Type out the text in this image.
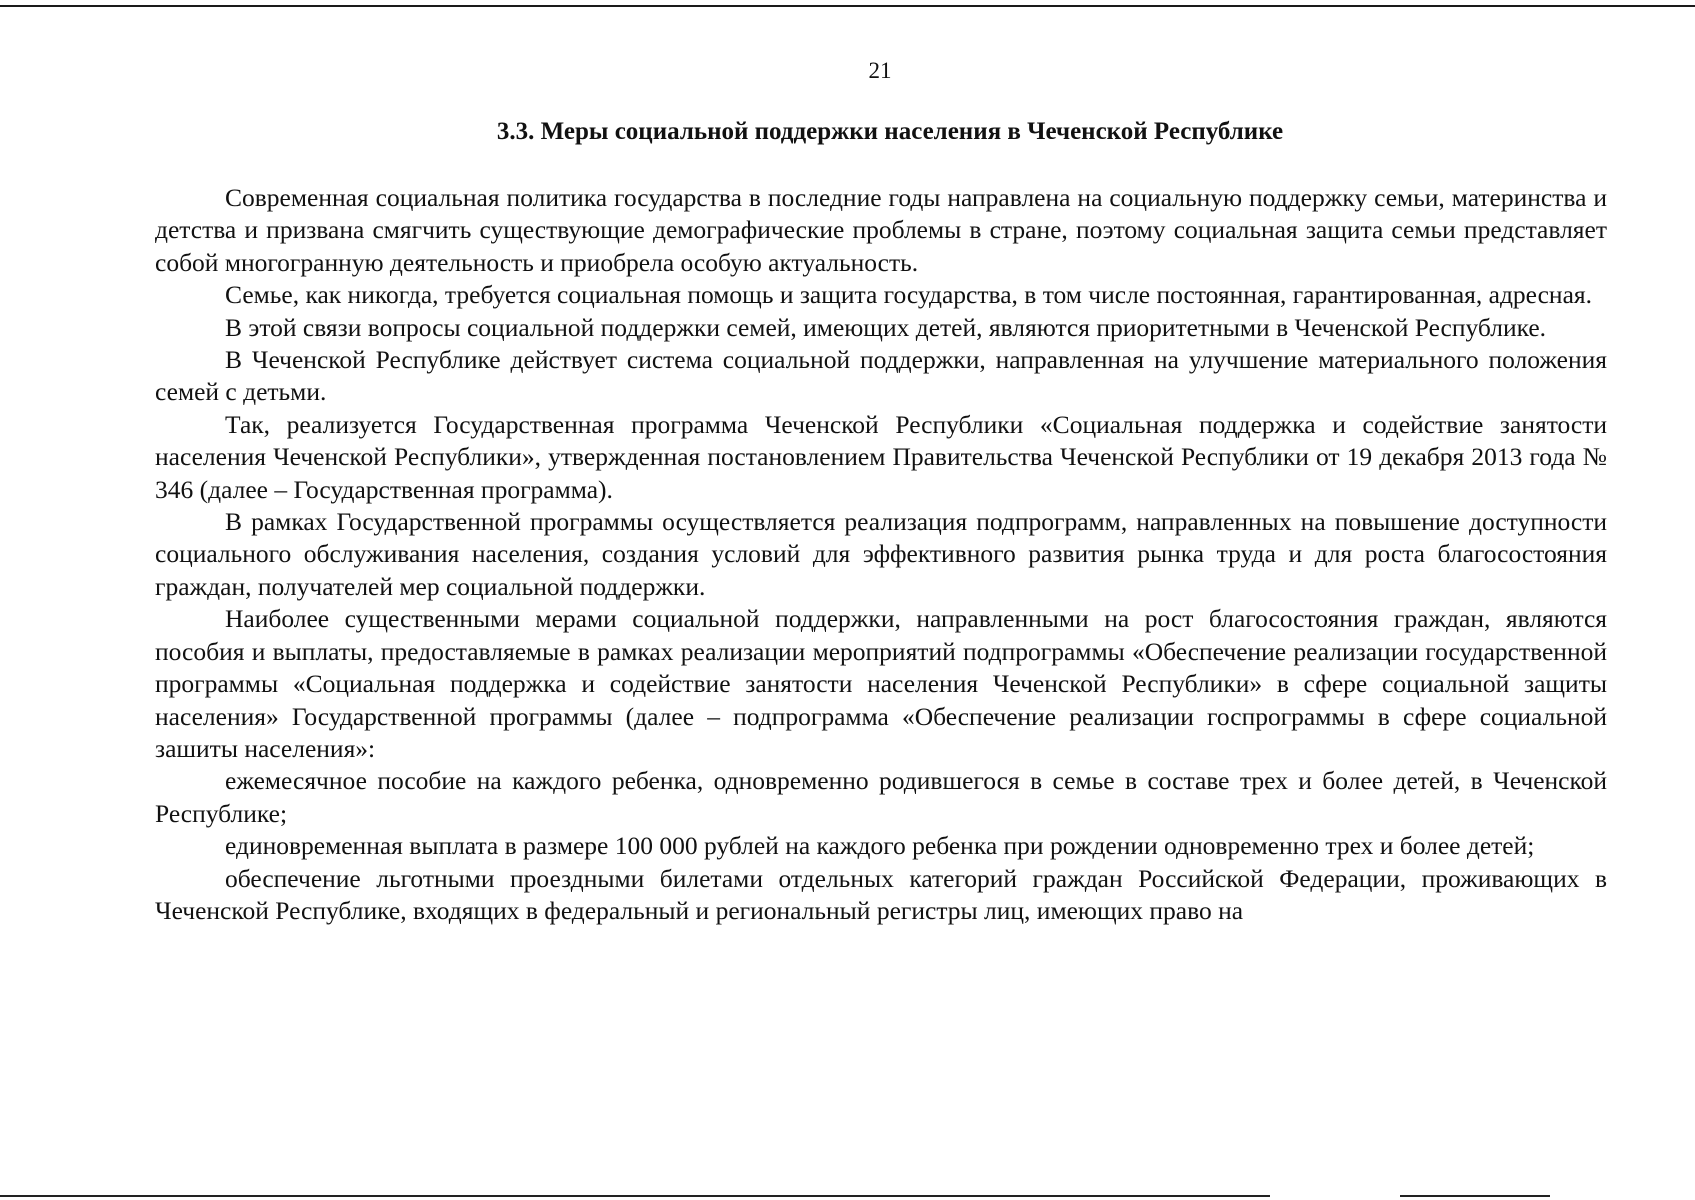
21
3.3. Меры социальной поддержки населения в Чеченской Республике

Современная социальная политика государства в последние годы направлена на социальную поддержку семьи, материнства и детства и призвана смягчить существующие демографические проблемы в стране, поэтому социальная защита семьи представляет собой многогранную деятельность и приобрела особую актуальность.

Семье, как никогда, требуется социальная помощь и защита государства, в том числе постоянная, гарантированная, адресная.

В этой связи вопросы социальной поддержки семей, имеющих детей, являются приоритетными в Чеченской Республике.

В Чеченской Республике действует система социальной поддержки, направленная на улучшение материального положения семей с детьми.

Так, реализуется Государственная программа Чеченской Республики «Социальная поддержка и содействие занятости населения Чеченской Республики», утвержденная постановлением Правительства Чеченской Республики от 19 декабря 2013 года № 346 (далее – Государственная программа).

В рамках Государственной программы осуществляется реализация подпрограмм, направленных на повышение доступности социального обслуживания населения, создания условий для эффективного развития рынка труда и для роста благосостояния граждан, получателей мер социальной поддержки.

Наиболее существенными мерами социальной поддержки, направленными на рост благосостояния граждан, являются пособия и выплаты, предоставляемые в рамках реализации мероприятий подпрограммы «Обеспечение реализации государственной программы «Социальная поддержка и содействие занятости населения Чеченской Республики» в сфере социальной защиты населения» Государственной программы (далее – подпрограмма «Обеспечение реализации госпрограммы в сфере социальной зашиты населения»:

ежемесячное пособие на каждого ребенка, одновременно родившегося в семье в составе трех и более детей, в Чеченской Республике;

единовременная выплата в размере 100 000 рублей на каждого ребенка при рождении одновременно трех и более детей;

обеспечение льготными проездными билетами отдельных категорий граждан Российской Федерации, проживающих в Чеченской Республике, входящих в федеральный и региональный регистры лиц, имеющих право на
